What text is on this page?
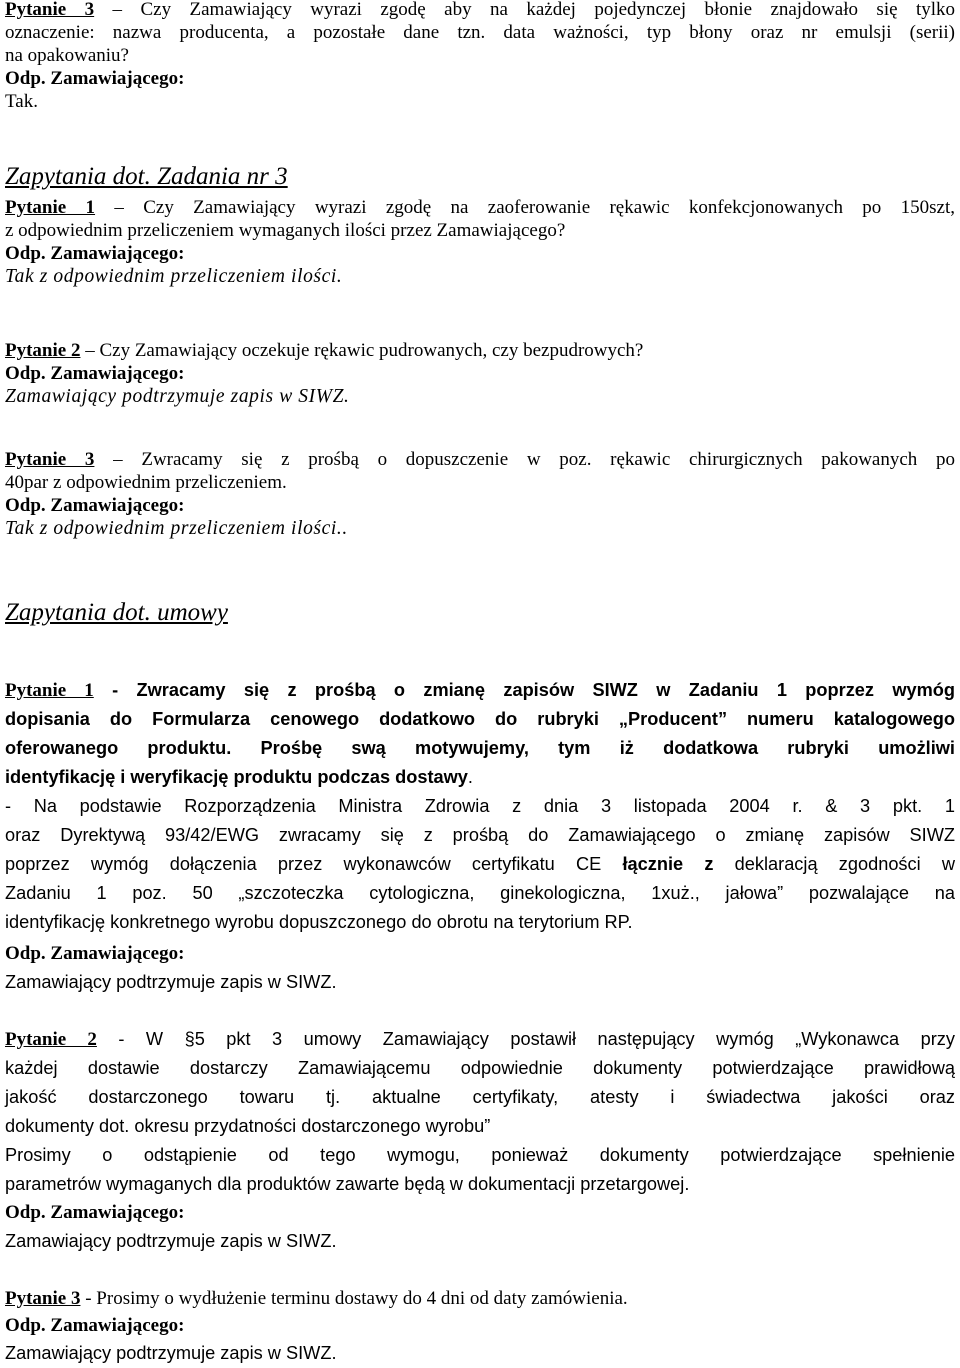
Pytanie 3 – Czy Zamawiający wyrazi zgodę aby na każdej pojedynczej błonie znajdowało się tylko
oznaczenie: nazwa producenta, a pozostałe dane tzn. data ważności, typ błony oraz nr emulsji (serii)
na opakowaniu?
Odp. Zamawiającego:
Tak.
Zapytania dot. Zadania nr 3
Pytanie 1 – Czy Zamawiający wyrazi zgodę na zaoferowanie rękawic konfekcjonowanych po 150szt,
z odpowiednim przeliczeniem wymaganych ilości przez Zamawiającego?
Odp. Zamawiającego:
Tak z odpowiednim przeliczeniem ilości.
Pytanie 2 – Czy Zamawiający oczekuje rękawic pudrowanych, czy bezpudrowych?
Odp. Zamawiającego:
Zamawiający podtrzymuje zapis w SIWZ.
Pytanie 3 – Zwracamy się z prośbą o dopuszczenie w poz. rękawic chirurgicznych pakowanych po
40par z odpowiednim przeliczeniem.
Odp. Zamawiającego:
Tak z odpowiednim przeliczeniem ilości..
Zapytania dot. umowy
Pytanie 1 - Zwracamy się z prośbą o zmianę zapisów SIWZ w Zadaniu 1 poprzez wymóg
dopisania do Formularza cenowego dodatkowo do rubryki „Producent” numeru katalogowego
oferowanego produktu. Prośbę swą motywujemy, tym iż dodatkowa rubryki umożliwi
identyfikację i weryfikację produktu podczas dostawy.
- Na podstawie Rozporządzenia Ministra Zdrowia z dnia 3 listopada 2004 r. & 3 pkt. 1
oraz Dyrektywą 93/42/EWG zwracamy się z prośbą do Zamawiającego o zmianę zapisów SIWZ
poprzez wymóg dołączenia przez wykonawców certyfikatu CE łącznie z deklaracją zgodności w
Zadaniu 1 poz. 50 „szczoteczka cytologiczna, ginekologiczna, 1xuż., jałowa” pozwalające na
identyfikację konkretnego wyrobu dopuszczonego do obrotu na terytorium RP.
Odp. Zamawiającego:
Zamawiający podtrzymuje zapis w SIWZ.
Pytanie 2 - W §5 pkt 3 umowy Zamawiający postawił następujący wymóg „Wykonawca przy
każdej dostawie dostarczy Zamawiającemu odpowiednie dokumenty potwierdzające prawidłową
jakość dostarczonego towaru tj. aktualne certyfikaty, atesty i świadectwa jakości oraz
dokumenty dot. okresu przydatności dostarczonego wyrobu”
Prosimy o odstąpienie od tego wymogu, ponieważ dokumenty potwierdzające spełnienie
parametrów wymaganych dla produktów zawarte będą w dokumentacji przetargowej.
Odp. Zamawiającego:
Zamawiający podtrzymuje zapis w SIWZ.
Pytanie 3 - Prosimy o wydłużenie terminu dostawy do 4 dni od daty zamówienia.
Odp. Zamawiającego:
Zamawiający podtrzymuje zapis w SIWZ.
